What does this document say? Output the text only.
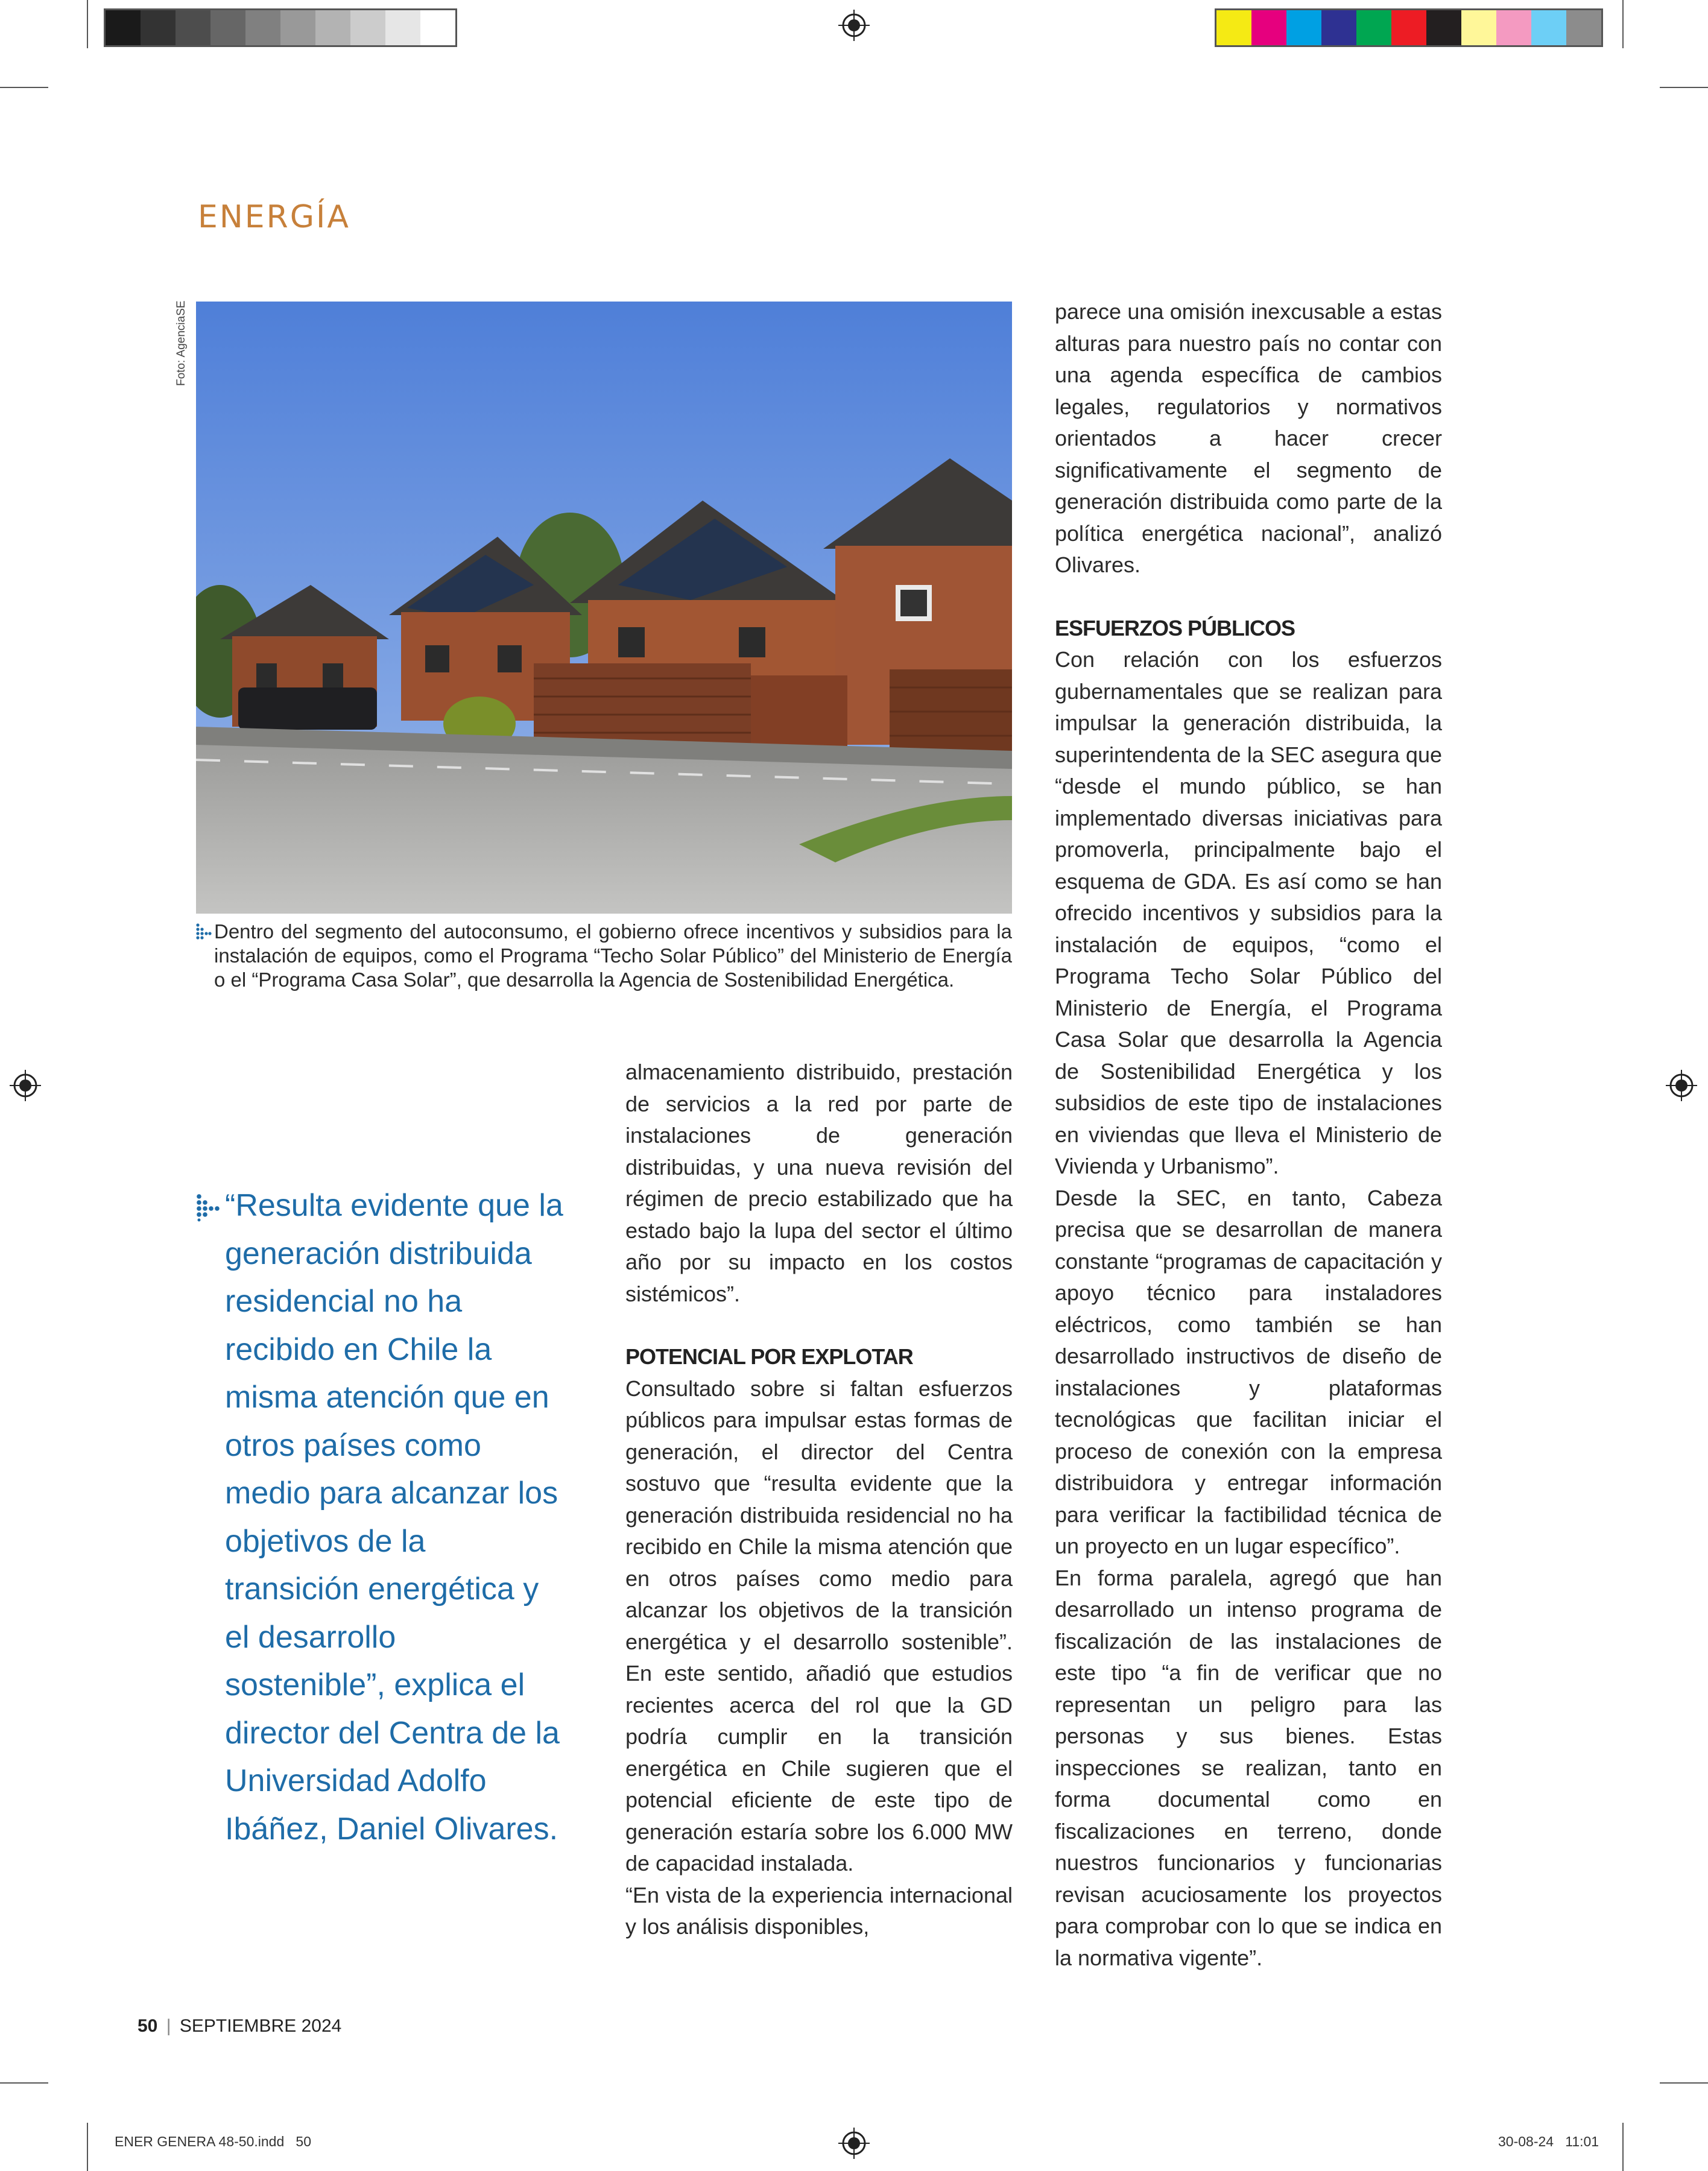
ENERGÍA
Foto: AgenciaSE

Dentro del segmento del autoconsumo, el gobierno ofrece incentivos y subsidios para la instalación de equipos, como el Programa “Techo Solar Público” del Ministerio de Energía o el “Programa Casa Solar”, que desarrolla la Agencia de Sostenibilidad Energética.

“Resulta evidente que la generación distribuida residencial no ha recibido en Chile la misma atención que en otros países como medio para alcanzar los objetivos de la transición energética y el desarrollo sostenible”, explica el director del Centra de la Universidad Adolfo Ibáñez, Daniel Olivares.

almacenamiento distribuido, prestación de servicios a la red por parte de instalaciones de generación distribuidas, y una nueva revisión del régimen de precio estabilizado que ha estado bajo la lupa del sector el último año por su impacto en los costos sistémicos”.

POTENCIAL POR EXPLOTAR

Consultado sobre si faltan esfuerzos públicos para impulsar estas formas de generación, el director del Centra sostuvo que “resulta evidente que la generación distribuida residencial no ha recibido en Chile la misma atención que en otros países como medio para alcanzar los objetivos de la transición energética y el desarrollo sostenible”. En este sentido, añadió que estudios recientes acerca del rol que la GD podría cumplir en la transición energética en Chile sugieren que el potencial eficiente de este tipo de generación estaría sobre los 6.000 MW de capacidad instalada.

“En vista de la experiencia internacional y los análisis disponibles,

parece una omisión inexcusable a estas alturas para nuestro país no contar con una agenda específica de cambios legales, regulatorios y normativos orientados a hacer crecer significativamente el segmento de generación distribuida como parte de la política energética nacional”, analizó Olivares.

ESFUERZOS PÚBLICOS

Con relación con los esfuerzos gubernamentales que se realizan para impulsar la generación distribuida, la superintendenta de la SEC asegura que “desde el mundo público, se han implementado diversas iniciativas para promoverla, principalmente bajo el esquema de GDA. Es así como se han ofrecido incentivos y subsidios para la instalación de equipos, “como el Programa Techo Solar Público del Ministerio de Energía, el Programa Casa Solar que desarrolla la Agencia de Sostenibilidad Energética y los subsidios de este tipo de instalaciones en viviendas que lleva el Ministerio de Vivienda y Urbanismo”.

Desde la SEC, en tanto, Cabeza precisa que se desarrollan de manera constante “programas de capacitación y apoyo técnico para instaladores eléctricos, como también se han desarrollado instructivos de diseño de instalaciones y plataformas tecnológicas que facilitan iniciar el proceso de conexión con la empresa distribuidora y entregar información para verificar la factibilidad técnica de un proyecto en un lugar específico”.

En forma paralela, agregó que han desarrollado un intenso programa de fiscalización de las instalaciones de este tipo “a fin de verificar que no representan un peligro para las personas y sus bienes. Estas inspecciones se realizan, tanto en forma documental como en fiscalizaciones en terreno, donde nuestros funcionarios y funcionarias revisan acuciosamente los proyectos para comprobar con lo que se indica en la normativa vigente”.

50 | SEPTIEMBRE 2024
ENER GENERA 48-50.indd   50	30-08-24   11:01
